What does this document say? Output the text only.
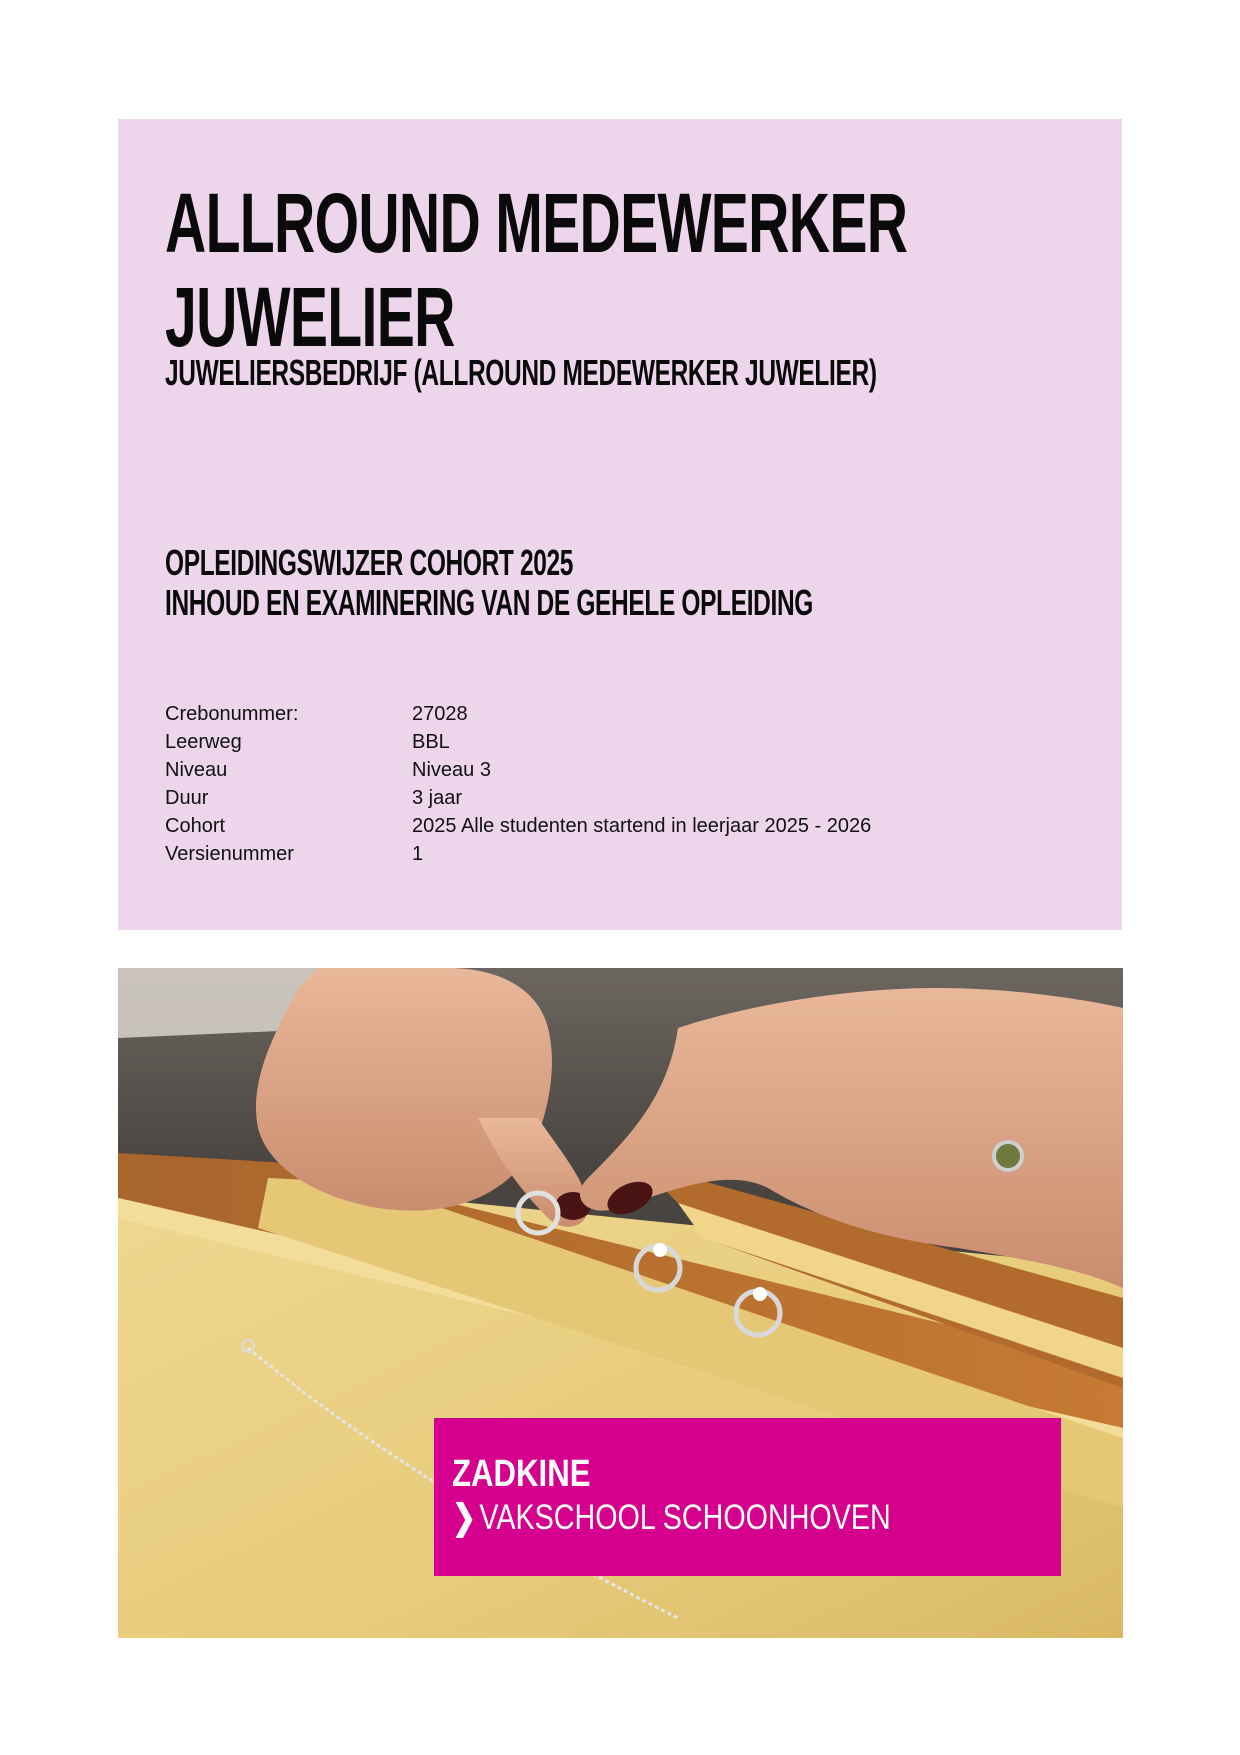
ALLROUND MEDEWERKER
JUWELIER
JUWELIERSBEDRIJF (ALLROUND MEDEWERKER JUWELIER)
OPLEIDINGSWIJZER COHORT 2025
INHOUD EN EXAMINERING VAN DE GEHELE OPLEIDING
Crebonummer:	27028
Leerweg	BBL
Niveau	Niveau 3
Duur	3 jaar
Cohort	2025 Alle studenten startend in leerjaar 2025 - 2026
Versienummer	1
ZADKINE
❯ VAKSCHOOL SCHOONHOVEN
